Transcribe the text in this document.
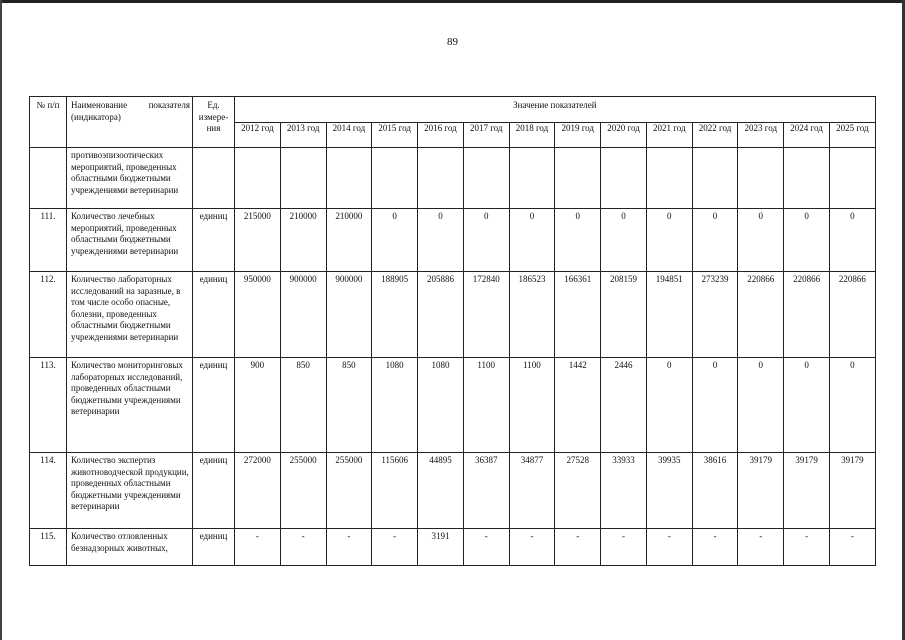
89
№ п/п	Наименование показателя (индикатора)	Ед. измере-ния	Значение показателей													
			2012 год	2013 год	2014 год	2015 год	2016 год	2017 год	2018 год	2019 год	2020 год	2021 год	2022 год	2023 год	2024 год	2025 год
	противоэпизоотических мероприятий, проведенных областными бюджетными учреждениями ветеринарии															
111.	Количество лечебных мероприятий, проведенных областными бюджетными учреждениями ветеринарии	единиц	215000	210000	210000	0	0	0	0	0	0	0	0	0	0	0
112.	Количество лабораторных исследований на заразные, в том числе особо опасные, болезни, проведенных областными бюджетными учреждениями ветеринарии	единиц	950000	900000	900000	188905	205886	172840	186523	166361	208159	194851	273239	220866	220866	220866
113.	Количество мониторинговых лабораторных исследований, проведенных областными бюджетными учреждениями ветеринарии	единиц	900	850	850	1080	1080	1100	1100	1442	2446	0	0	0	0	0
114.	Количество экспертиз животноводческой продукции, проведенных областными бюджетными учреждениями ветеринарии	единиц	272000	255000	255000	115606	44895	36387	34877	27528	33933	39935	38616	39179	39179	39179
115.	Количество отловленных безнадзорных животных,	единиц	-	-	-	-	3191	-	-	-	-	-	-	-	-	-
